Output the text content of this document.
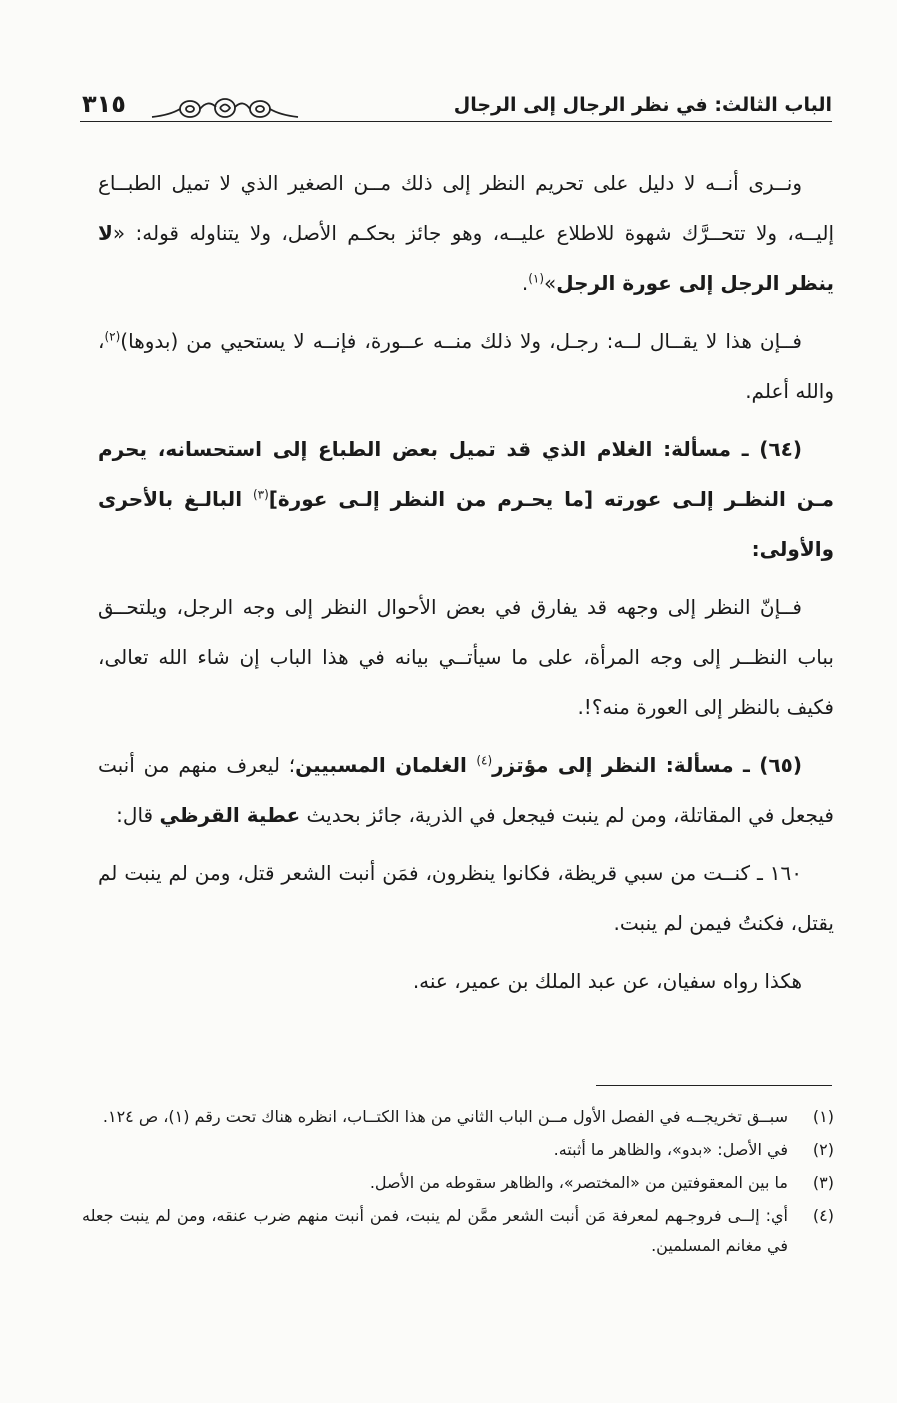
الباب الثالث: في نظر الرجال إلى الرجال
٣١٥

ونــرى أنــه لا دليل على تحريم النظر إلى ذلك مــن الصغير الذي لا تميل الطبــاع إليــه، ولا تتحــرَّك شهوة للاطلاع عليــه، وهو جائز بحكـم الأصل، ولا يتناوله قوله: «لا ينظر الرجل إلى عورة الرجل»$^{(١)}$.

فــإن هذا لا يقــال لــه: رجـل، ولا ذلك منــه عــورة، فإنــه لا يستحيي من (بدوها)$^{(٢)}$، والله أعلم.

(٦٤) ـ مسألة: الغلام الذي قد تميل بعض الطباع إلى استحسانه، يحرم مـن النظـر إلـى عورته [ما يحـرم من النظر إلـى عورة]$^{(٣)}$ البالـغ بالأحرى والأولى:

فــإنّ النظر إلى وجهه قد يفارق في بعض الأحوال النظر إلى وجه الرجل، ويلتحــق بباب النظــر إلى وجه المرأة، على ما سيأتــي بيانه في هذا الباب إن شاء الله تعالى، فكيف بالنظر إلى العورة منه؟!.

(٦٥) ـ مسألة: النظر إلى مؤتزر$^{(٤)}$ الغلمان المسبيين؛ ليعرف منهم من أنبت فيجعل في المقاتلة، ومن لم ينبت فيجعل في الذرية، جائز بحديث عطية القرظي قال:

١٦٠ ـ كنــت من سبي قريظة، فكانوا ينظرون، فمَن أنبت الشعر قتل، ومن لم ينبت لم يقتل، فكنتُ فيمن لم ينبت.

هكذا رواه سفيان، عن عبد الملك بن عمير، عنه.

(١)
سبــق تخريجــه في الفصل الأول مــن الباب الثاني من هذا الكتــاب، انظره هناك تحت رقم (١)، ص ١٢٤.
(٢)
في الأصل: «بدو»، والظاهر ما أثبته.
(٣)
ما بين المعقوفتين من «المختصر»، والظاهر سقوطه من الأصل.
(٤)
أي: إلــى فروجـهم لمعرفة مَن أنبت الشعر ممَّن لم ينبت، فمن أنبت منهم ضرب عنقه، ومن لم ينبت جعله في مغانم المسلمين.
